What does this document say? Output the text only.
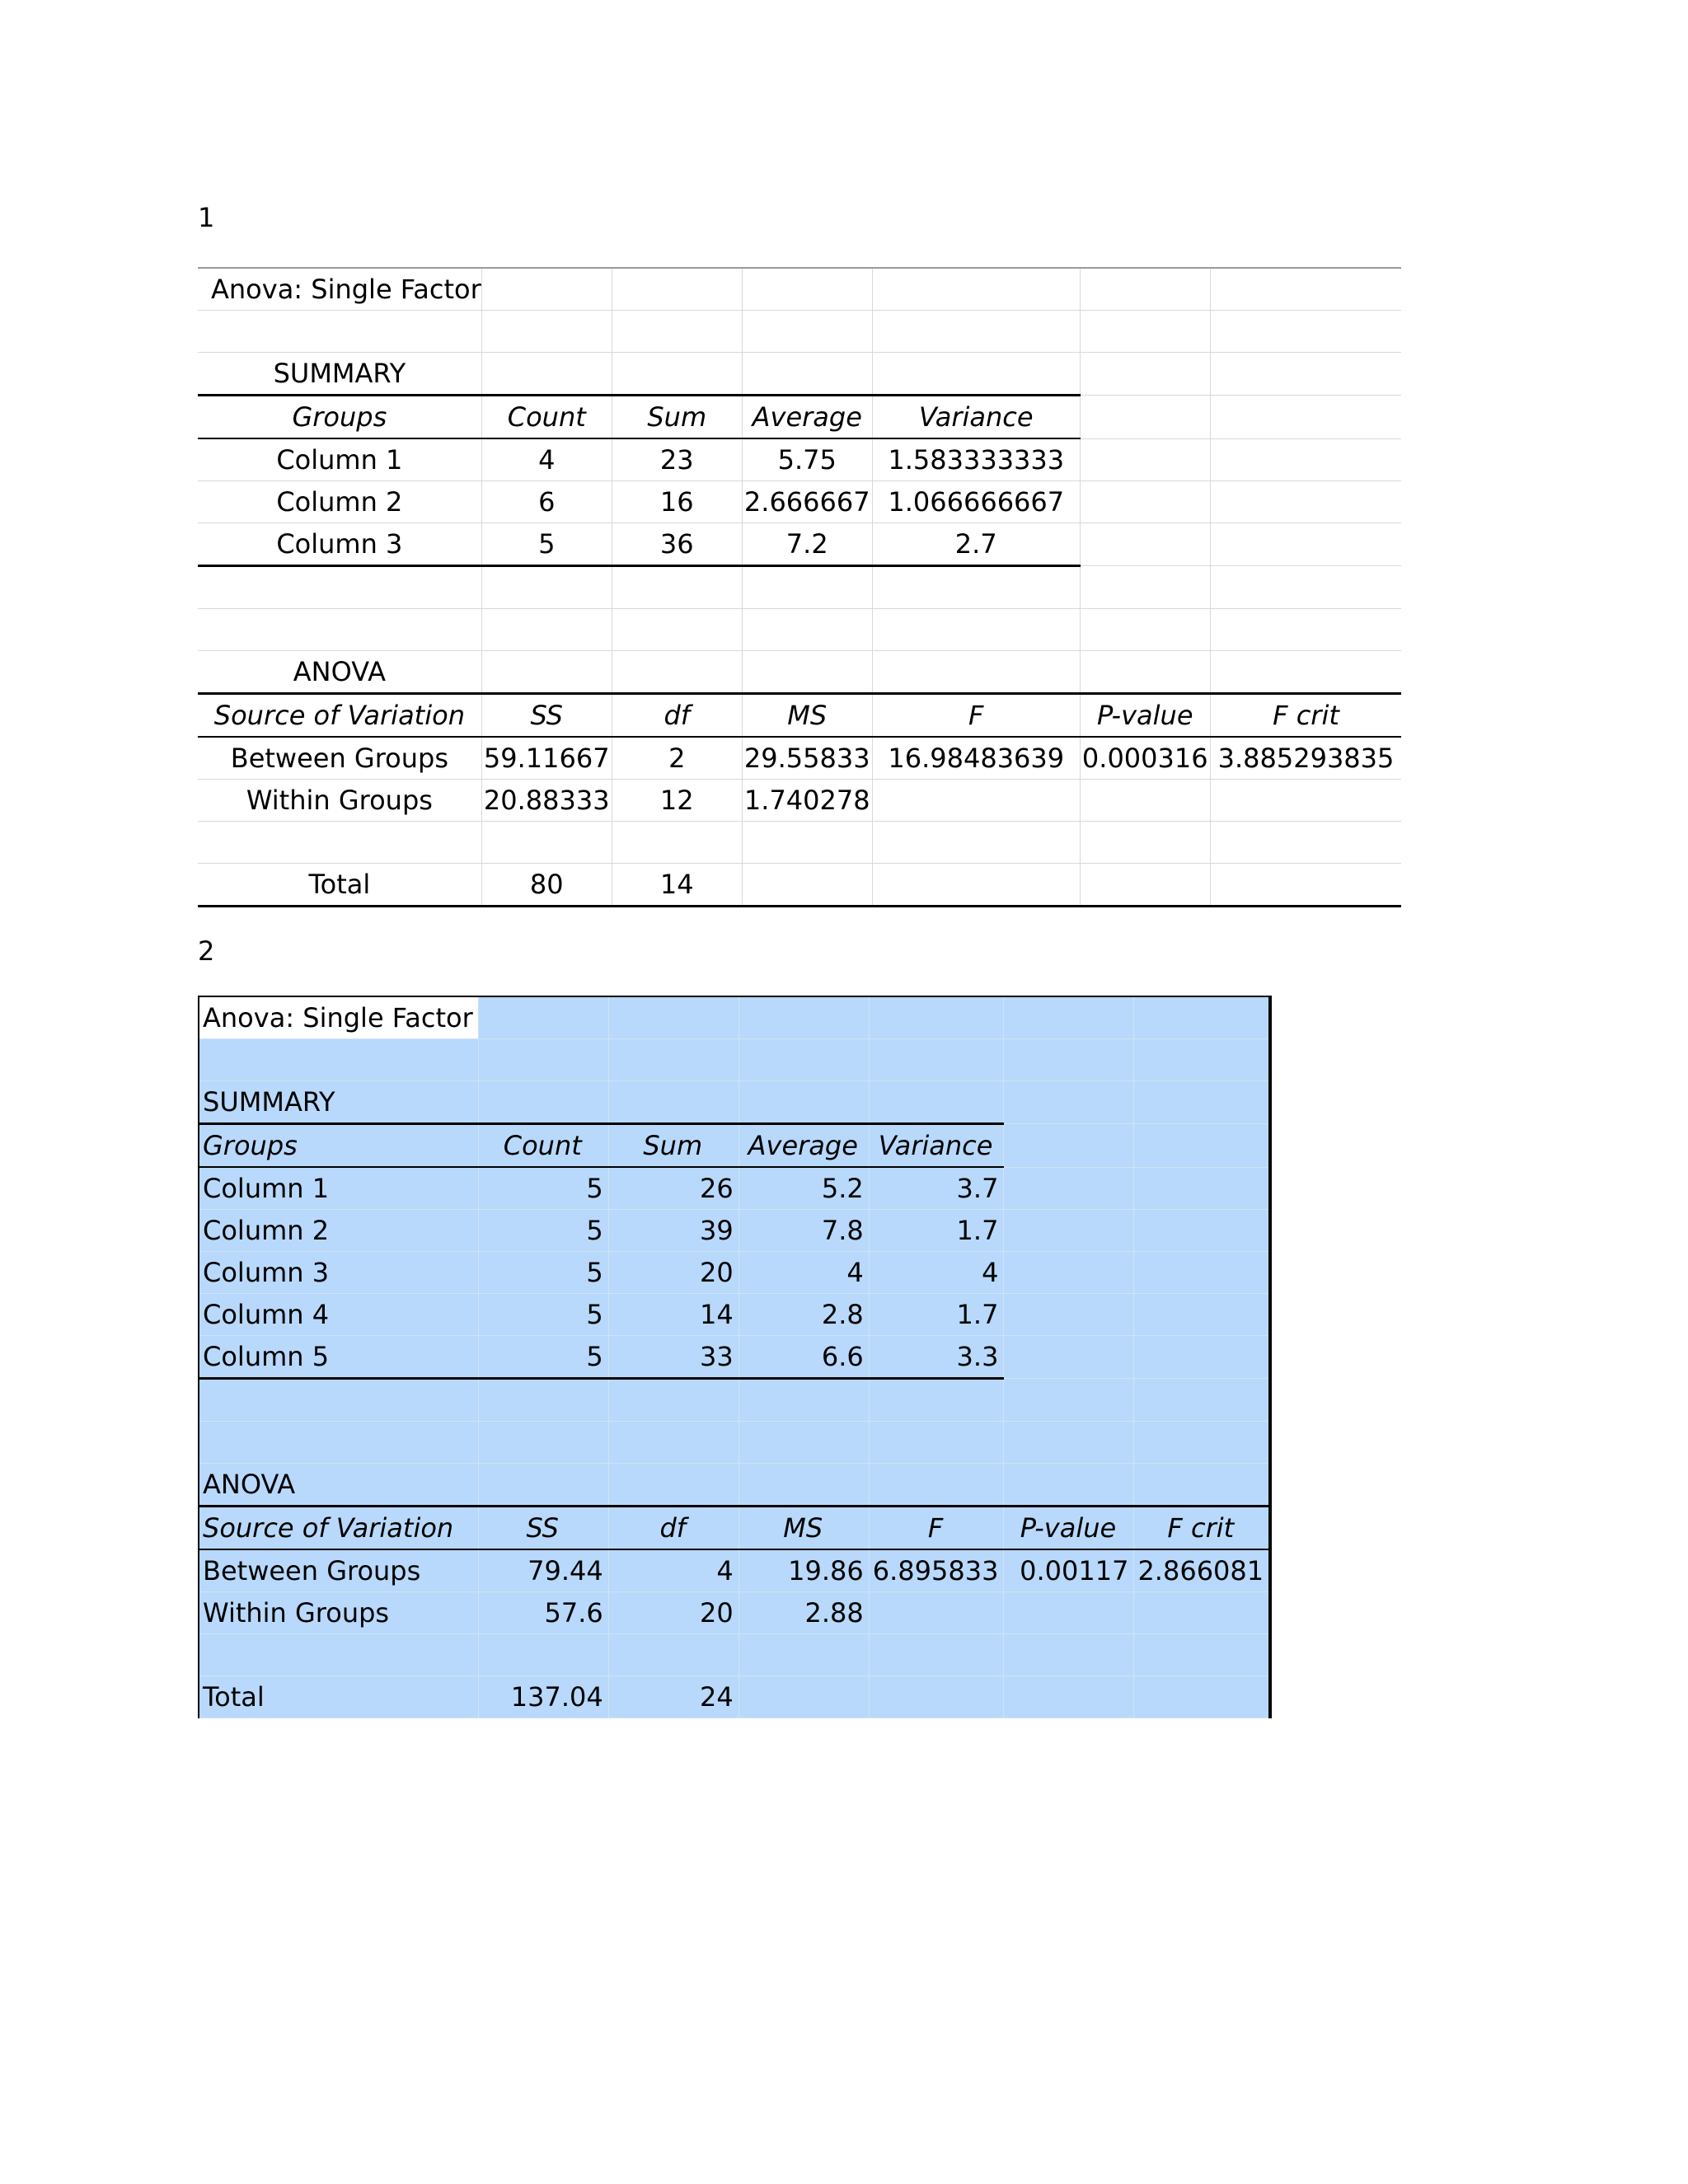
1
Anova: Single Factor						

SUMMARY						
Groups	Count	Sum	Average	Variance		
Column 1	4	23	5.75	1.583333333		
Column 2	6	16	2.666667	1.066666667		
Column 3	5	36	7.2	2.7		

ANOVA						
Source of Variation	SS	df	MS	F	P-value	F crit
Between Groups	59.11667	2	29.55833	16.98483639	0.000316	3.885293835
Within Groups	20.88333	12	1.740278			

Total	80	14				
2
Anova: Single Factor						

SUMMARY						
Groups	Count	Sum	Average	Variance		
Column 1	5	26	5.2	3.7		
Column 2	5	39	7.8	1.7		
Column 3	5	20	4	4		
Column 4	5	14	2.8	1.7		
Column 5	5	33	6.6	3.3		

ANOVA						
Source of Variation	SS	df	MS	F	P-value	F crit
Between Groups	79.44	4	19.86	6.895833	0.00117	2.866081
Within Groups	57.6	20	2.88			

Total	137.04	24				
